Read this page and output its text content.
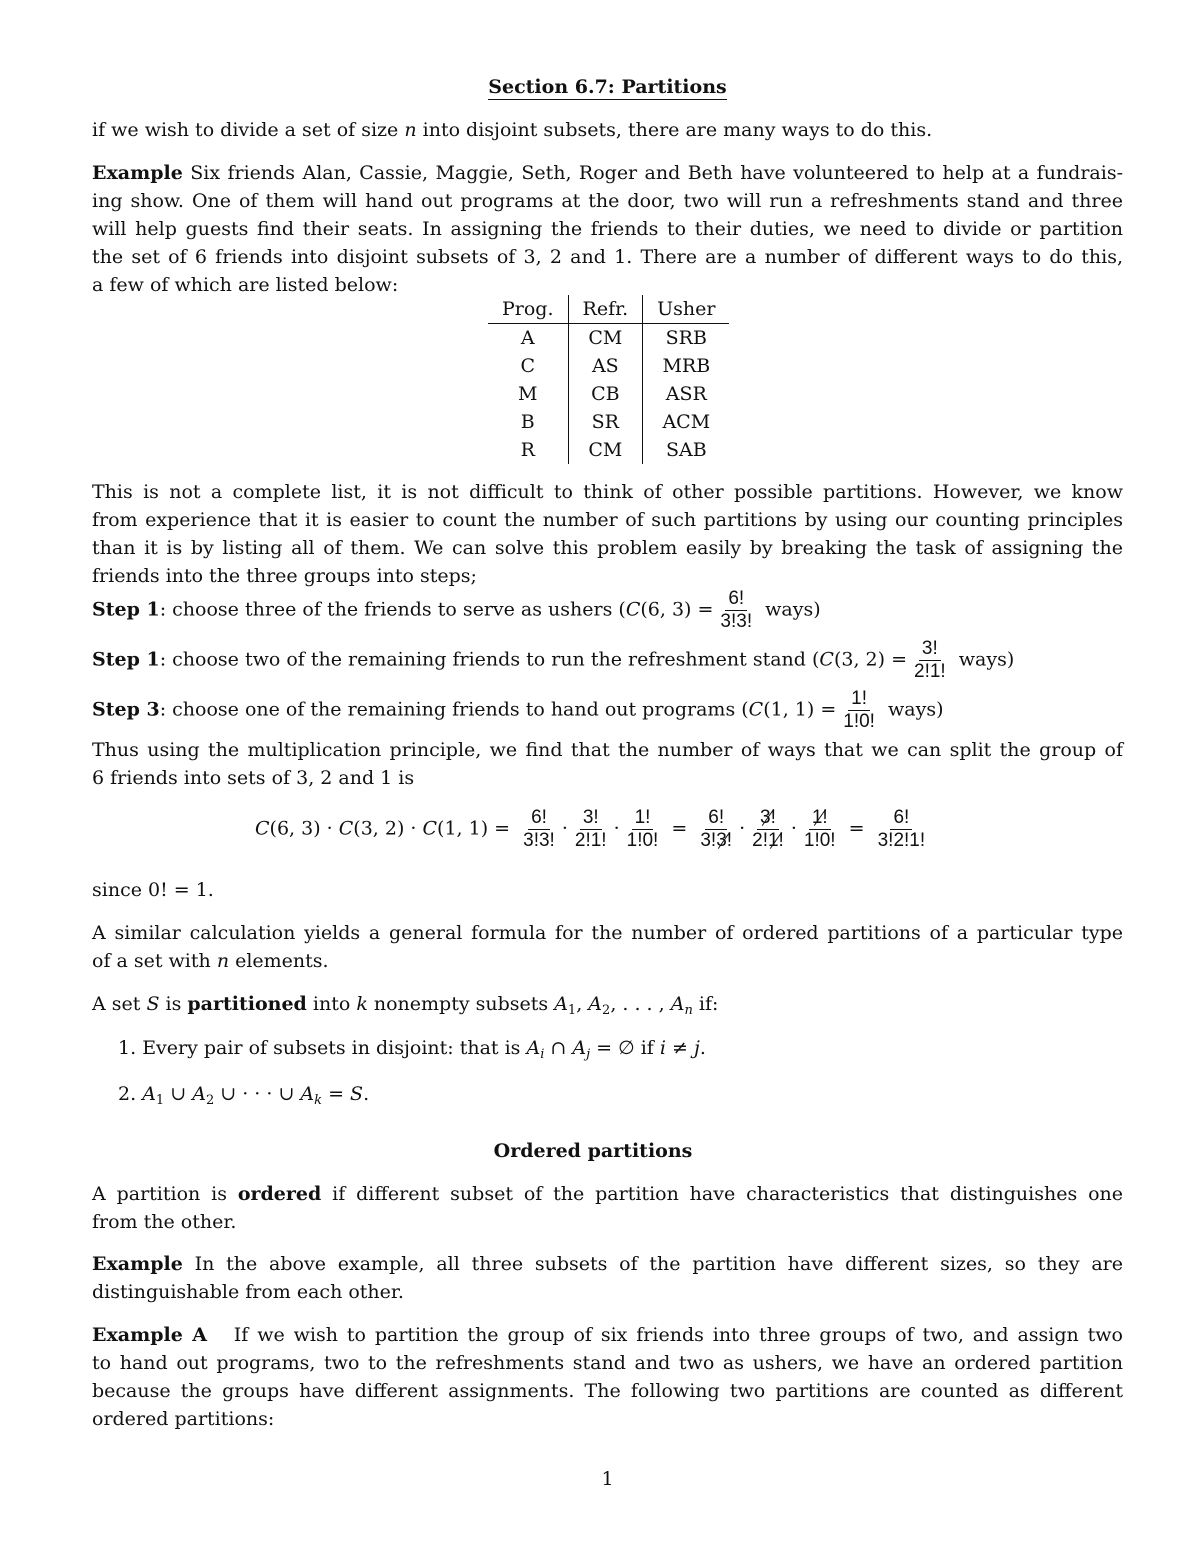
Section 6.7: Partitions
if we wish to divide a set of size n into disjoint subsets, there are many ways to do this.
Example Six friends Alan, Cassie, Maggie, Seth, Roger and Beth have volunteered to help at a fundrais-
ing show. One of them will hand out programs at the door, two will run a refreshments stand and three
will help guests find their seats. In assigning the friends to their duties, we need to divide or partition
the set of 6 friends into disjoint subsets of 3, 2 and 1. There are a number of different ways to do this,
a few of which are listed below:
Prog.	Refr.	Usher
A	CM	SRB
C	AS	MRB
M	CB	ASR
B	SR	ACM
R	CM	SAB
This is not a complete list, it is not difficult to think of other possible partitions. However, we know
from experience that it is easier to count the number of such partitions by using our counting principles
than it is by listing all of them. We can solve this problem easily by breaking the task of assigning the
friends into the three groups into steps;
Step 1: choose three of the friends to serve as ushers (C(6, $3) = \frac{6!}{3!3!}$ ways)
Step 1: choose two of the remaining friends to run the refreshment stand (C(3, $2) = \frac{3!}{2!1!}$ ways)
Step 3: choose one of the remaining friends to hand out programs (C(1, $1) = \frac{1!}{1!0!}$ ways)
Thus using the multiplication principle, we find that the number of ways that we can split the group of
6 friends into sets of 3, 2 and 1 is
C(6, 3) · C(3, 2) · C(1, $1) = \frac{6!}{3!3!} \cdot \frac{3!}{2!1!} \cdot \frac{1!}{1!0!} = \frac{6!}{3!3!} \cdot \frac{3!}{2!1!} \cdot \frac{1!}{1!0!} = \frac{6!}{3!2!1!}$
since 0! = 1.
A similar calculation yields a general formula for the number of ordered partitions of a particular type
of a set with n elements.
A set S is partitioned into k nonempty subsets $A_1$, $A_2$, . . . , $A_n$ if:
1. Every pair of subsets in disjoint: that is $A_i$ ∩ $A_j$ = ∅ if i ≠ j.
2. $A_1$ ∪ $A_2$ ∪ · · · ∪ $A_k = S$.
Ordered partitions
A partition is ordered if different subset of the partition have characteristics that distinguishes one
from the other.
Example In the above example, all three subsets of the partition have different sizes, so they are
distinguishable from each other.
Example A If we wish to partition the group of six friends into three groups of two, and assign two
to hand out programs, two to the refreshments stand and two as ushers, we have an ordered partition
because the groups have different assignments. The following two partitions are counted as different
ordered partitions:
1
